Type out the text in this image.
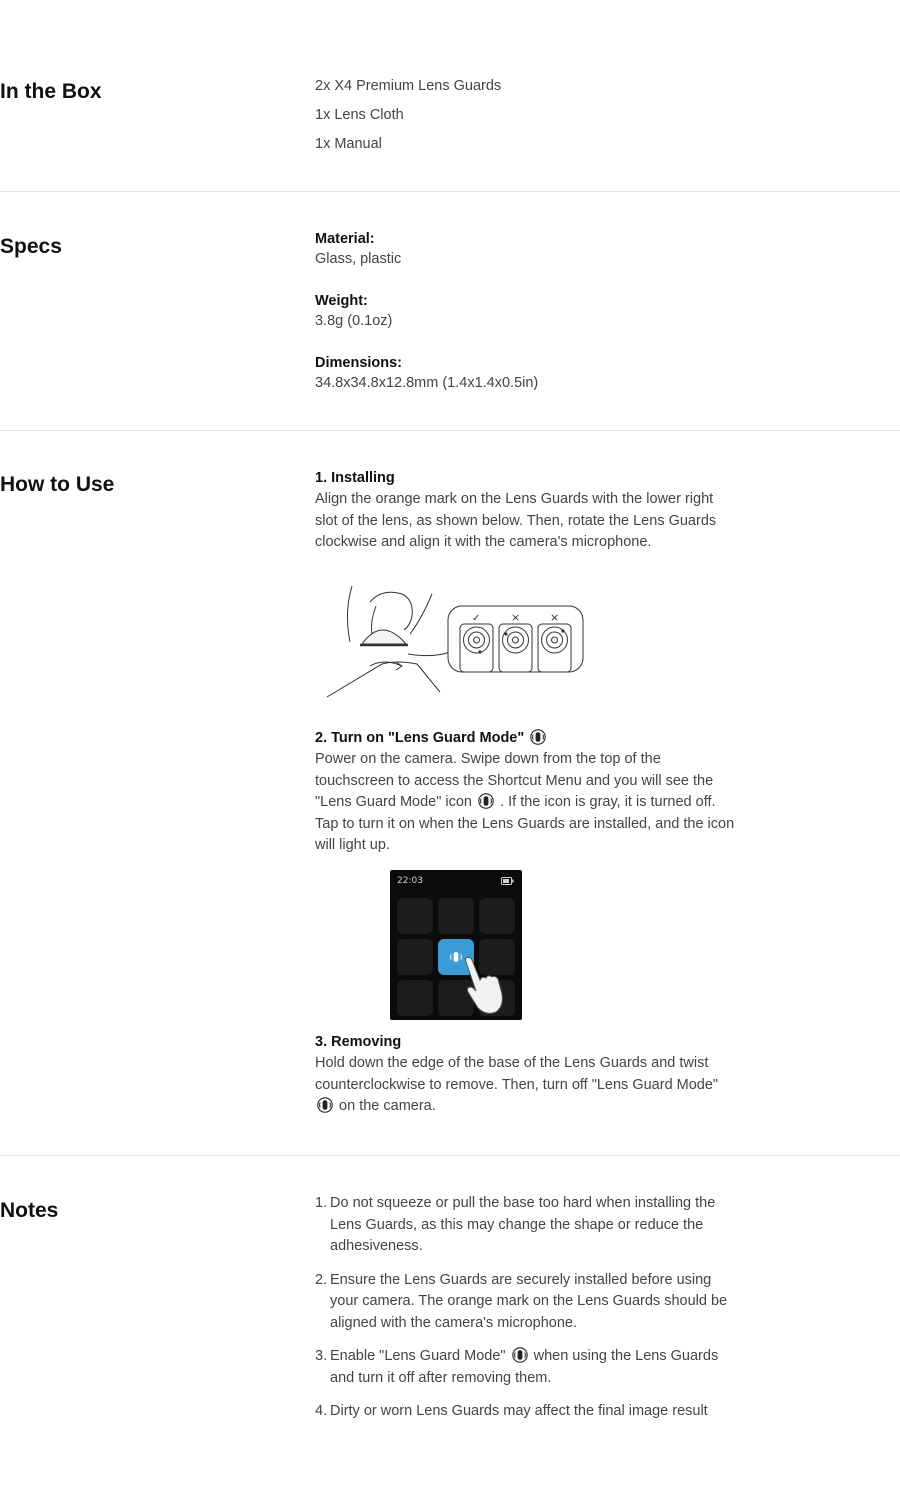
In the Box	2x X4 Premium Lens Guards
1x Lens Cloth
1x Manual
Specs	Material:
Glass, plastic
Weight:
3.8g (0.1oz)
Dimensions:
34.8x34.8x12.8mm (1.4x1.4x0.5in)
How to Use	1. Installing
Align the orange mark on the Lens Guards with the lower right slot of the lens, as shown below. Then, rotate the Lens Guards clockwise and align it with the camera's microphone.
✓	×	×
2. Turn on "Lens Guard Mode"
Power on the camera. Swipe down from the top of the touchscreen to access the Shortcut Menu and you will see the "Lens Guard Mode" icon . If the icon is gray, it is turned off. Tap to turn it on when the Lens Guards are installed, and the icon will light up.
22:03
3. Removing
Hold down the edge of the base of the Lens Guards and twist counterclockwise to remove. Then, turn off "Lens Guard Mode"  on the camera.
Notes	1. Do not squeeze or pull the base too hard when installing the Lens Guards, as this may change the shape or reduce the adhesiveness.
2. Ensure the Lens Guards are securely installed before using your camera. The orange mark on the Lens Guards should be aligned with the camera's microphone.
3. Enable "Lens Guard Mode" when using the Lens Guards and turn it off after removing them.
4. Dirty or worn Lens Guards may affect the final image result
